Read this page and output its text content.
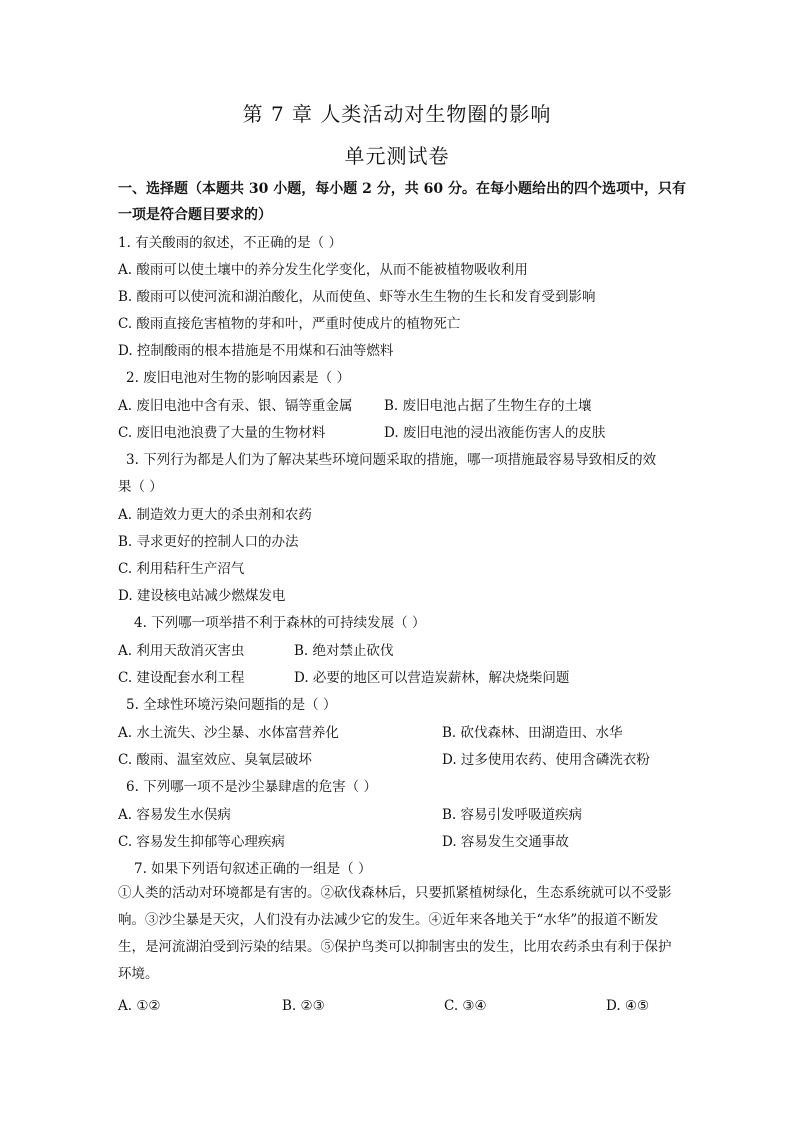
第 7 章 人类活动对生物圈的影响
单元测试卷
一、选择题（本题共 30 小题，每小题 2 分，共 60 分。在每小题给出的四个选项中，只有
一项是符合题目要求的）
1. 有关酸雨的叙述，不正确的是（ ）
A. 酸雨可以使土壤中的养分发生化学变化，从而不能被植物吸收利用
B. 酸雨可以使河流和湖泊酸化，从而使鱼、虾等水生生物的生长和发育受到影响
C. 酸雨直接危害植物的芽和叶，严重时使成片的植物死亡
D. 控制酸雨的根本措施是不用煤和石油等燃料
2. 废旧电池对生物的影响因素是（ ）
A. 废旧电池中含有汞、银、镉等重金属 B. 废旧电池占据了生物生存的土壤
C. 废旧电池浪费了大量的生物材料	D. 废旧电池的浸出液能伤害人的皮肤
3. 下列行为都是人们为了解决某些环境问题采取的措施，哪一项措施最容易导致相反的效
果（ ）
A. 制造效力更大的杀虫剂和农药
B. 寻求更好的控制人口的办法
C. 利用秸秆生产沼气
D. 建设核电站减少燃煤发电
4. 下列哪一项举措不利于森林的可持续发展（ ）
A. 利用天敌消灭害虫	B. 绝对禁止砍伐
C. 建设配套水利工程	D. 必要的地区可以营造炭薪林，解决烧柴问题
5. 全球性环境污染问题指的是（ ）
A. 水土流失、沙尘暴、水体富营养化	B. 砍伐森林、田湖造田、水华
C. 酸雨、温室效应、臭氧层破坏	D. 过多使用农药、使用含磷洗衣粉
6. 下列哪一项不是沙尘暴肆虐的危害（ ）
A. 容易发生水俣病	B. 容易引发呼吸道疾病
C. 容易发生抑郁等心理疾病	D. 容易发生交通事故
7. 如果下列语句叙述正确的一组是（ ）
①人类的活动对环境都是有害的。②砍伐森林后，只要抓紧植树绿化，生态系统就可以不受影响。③沙尘暴是天灾，人们没有办法减少它的发生。④近年来各地关于“水华”的报道不断发生，是河流湖泊受到污染的结果。⑤保护鸟类可以抑制害虫的发生，比用农药杀虫有利于保护环境。
A. ①②	B. ②③	C. ③④	D. ④⑤
